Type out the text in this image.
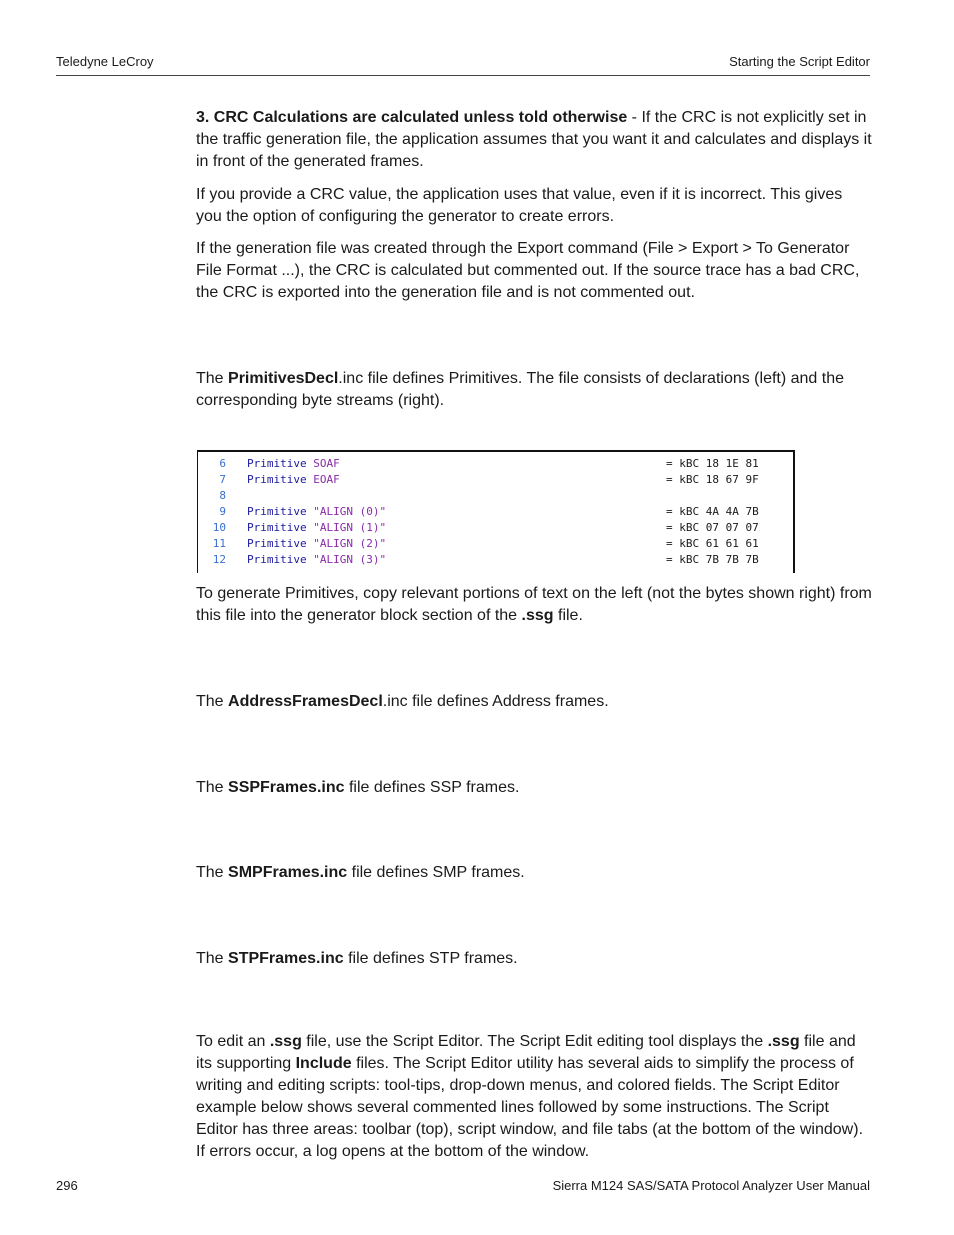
Teledyne LeCroy	Starting the Script Editor

3. CRC Calculations are calculated unless told otherwise - If the CRC is not explicitly set in the traffic generation file, the application assumes that you want it and calculates and displays it in front of the generated frames.

If you provide a CRC value, the application uses that value, even if it is incorrect. This gives you the option of configuring the generator to create errors.

If the generation file was created through the Export command (File > Export > To Generator File Format ...), the CRC is calculated but commented out. If the source trace has a bad CRC, the CRC is exported into the generation file and is not commented out.

The PrimitivesDecl.inc file defines Primitives. The file consists of declarations (left) and the corresponding byte streams (right).

6 Primitive SOAF	= kBC 18 1E 81
7 Primitive EOAF	= kBC 18 67 9F
8
9 Primitive "ALIGN (0)"	= kBC 4A 4A 7B
10 Primitive "ALIGN (1)"	= kBC 07 07 07
11 Primitive "ALIGN (2)"	= kBC 61 61 61
12 Primitive "ALIGN (3)"	= kBC 7B 7B 7B

To generate Primitives, copy relevant portions of text on the left (not the bytes shown right) from this file into the generator block section of the .ssg file.

The AddressFramesDecl.inc file defines Address frames.

The SSPFrames.inc file defines SSP frames.

The SMPFrames.inc file defines SMP frames.

The STPFrames.inc file defines STP frames.

To edit an .ssg file, use the Script Editor. The Script Edit editing tool displays the .ssg file and its supporting Include files. The Script Editor utility has several aids to simplify the process of writing and editing scripts: tool-tips, drop-down menus, and colored fields. The Script Editor example below shows several commented lines followed by some instructions. The Script Editor has three areas: toolbar (top), script window, and file tabs (at the bottom of the window). If errors occur, a log opens at the bottom of the window.

296	Sierra M124 SAS/SATA Protocol Analyzer User Manual
